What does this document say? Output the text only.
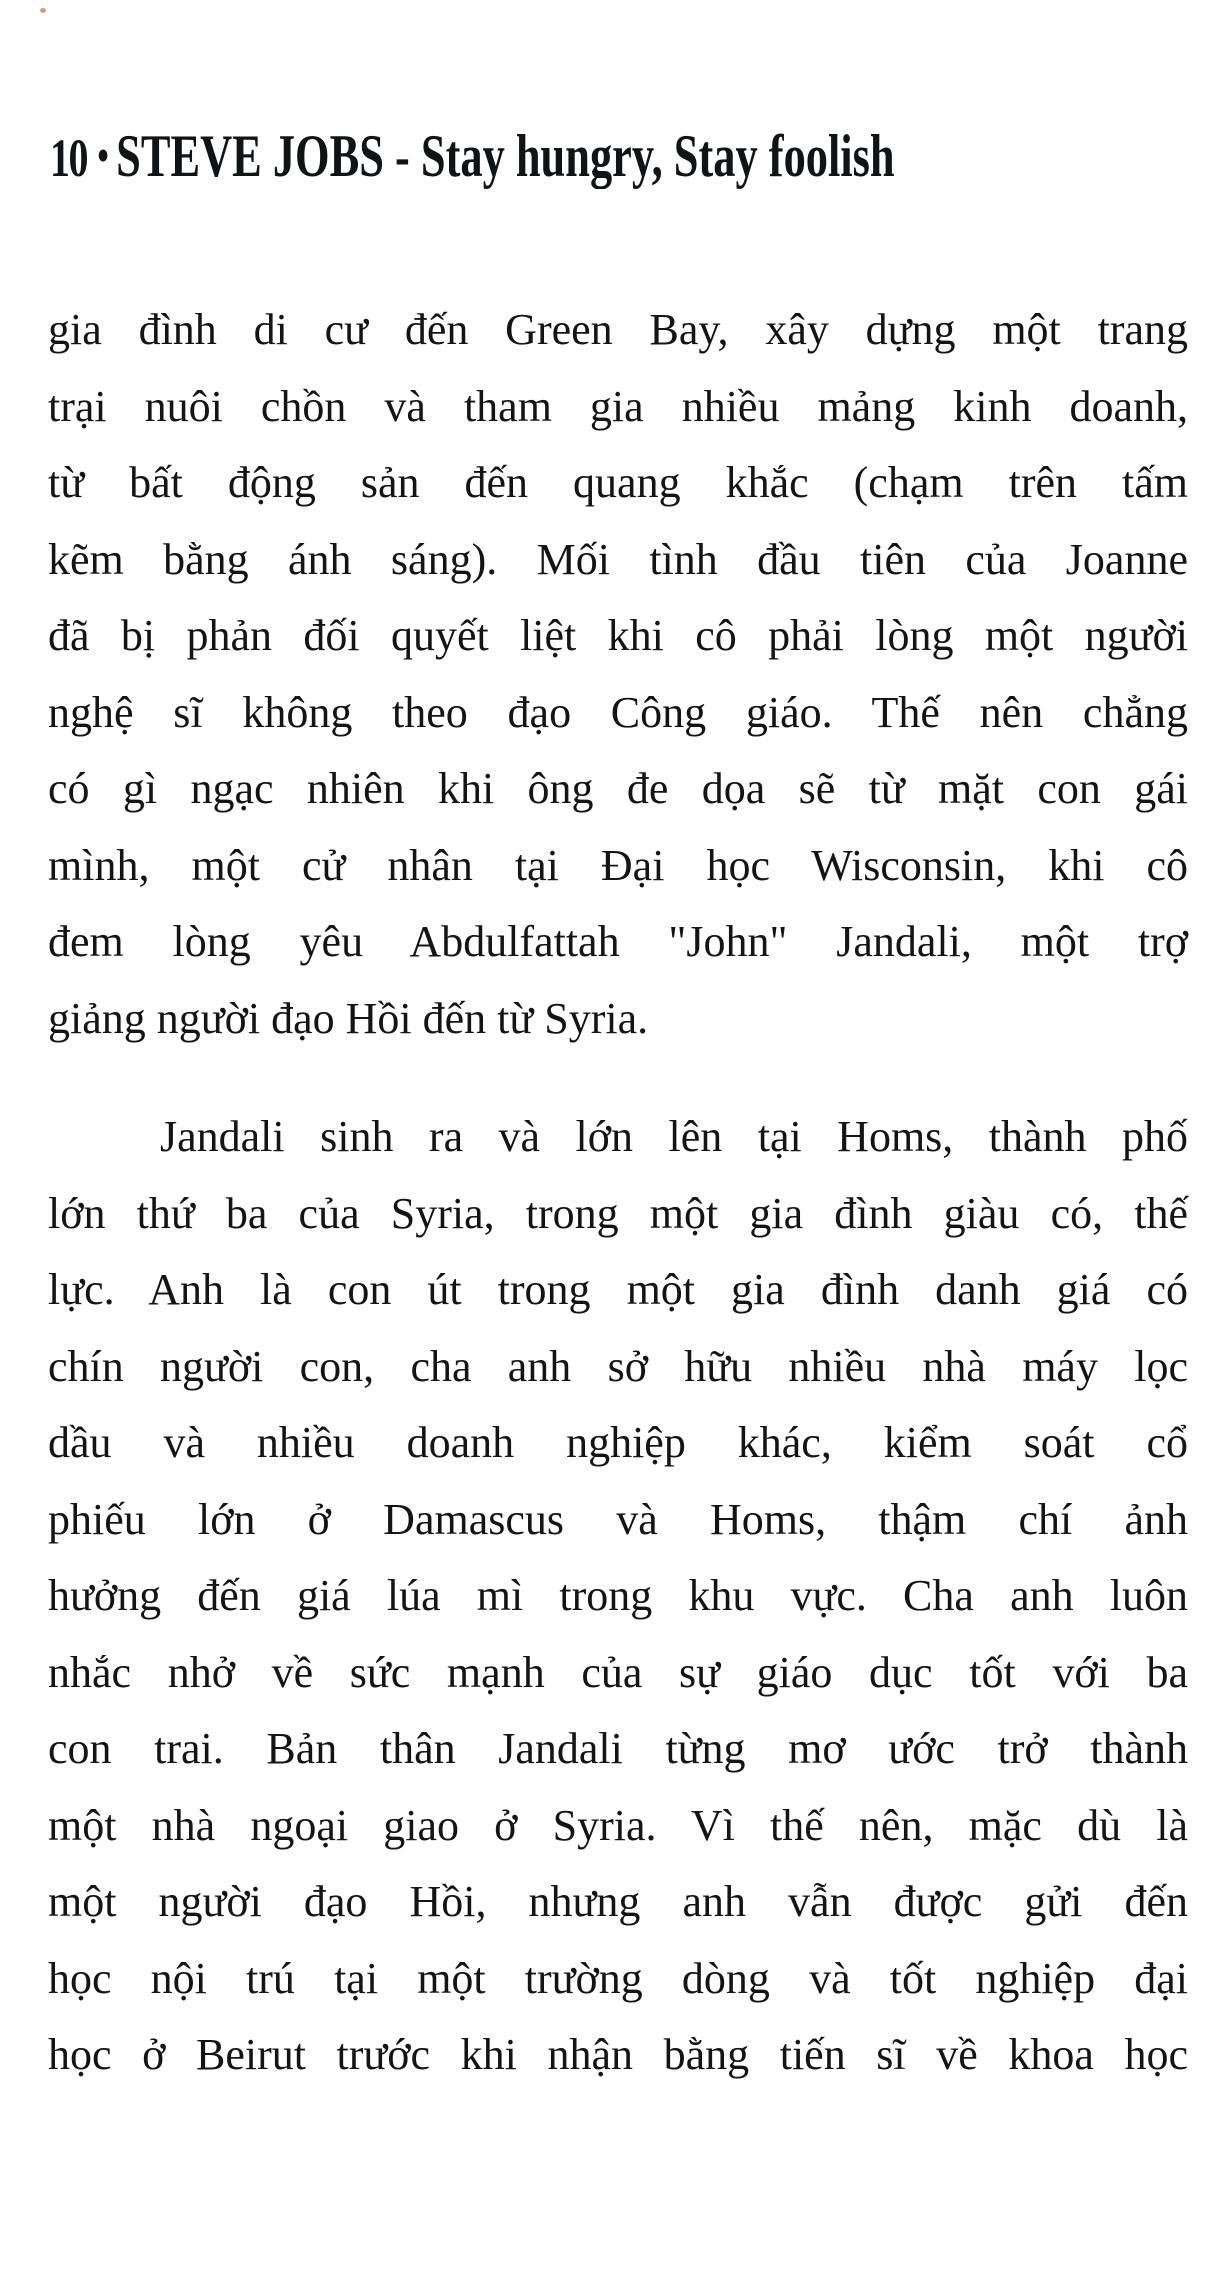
10 • STEVE JOBS - Stay hungry, Stay foolish
gia đình di cư đến Green Bay, xây dựng một trang
trại nuôi chồn và tham gia nhiều mảng kinh doanh,
từ bất động sản đến quang khắc (chạm trên tấm
kẽm bằng ánh sáng). Mối tình đầu tiên của Joanne
đã bị phản đối quyết liệt khi cô phải lòng một người
nghệ sĩ không theo đạo Công giáo. Thế nên chẳng
có gì ngạc nhiên khi ông đe dọa sẽ từ mặt con gái
mình, một cử nhân tại Đại học Wisconsin, khi cô
đem lòng yêu Abdulfattah "John" Jandali, một trợ
giảng người đạo Hồi đến từ Syria.
Jandali sinh ra và lớn lên tại Homs, thành phố
lớn thứ ba của Syria, trong một gia đình giàu có, thế
lực. Anh là con út trong một gia đình danh giá có
chín người con, cha anh sở hữu nhiều nhà máy lọc
dầu và nhiều doanh nghiệp khác, kiểm soát cổ
phiếu lớn ở Damascus và Homs, thậm chí ảnh
hưởng đến giá lúa mì trong khu vực. Cha anh luôn
nhắc nhở về sức mạnh của sự giáo dục tốt với ba
con trai. Bản thân Jandali từng mơ ước trở thành
một nhà ngoại giao ở Syria. Vì thế nên, mặc dù là
một người đạo Hồi, nhưng anh vẫn được gửi đến
học nội trú tại một trường dòng và tốt nghiệp đại
học ở Beirut trước khi nhận bằng tiến sĩ về khoa học
